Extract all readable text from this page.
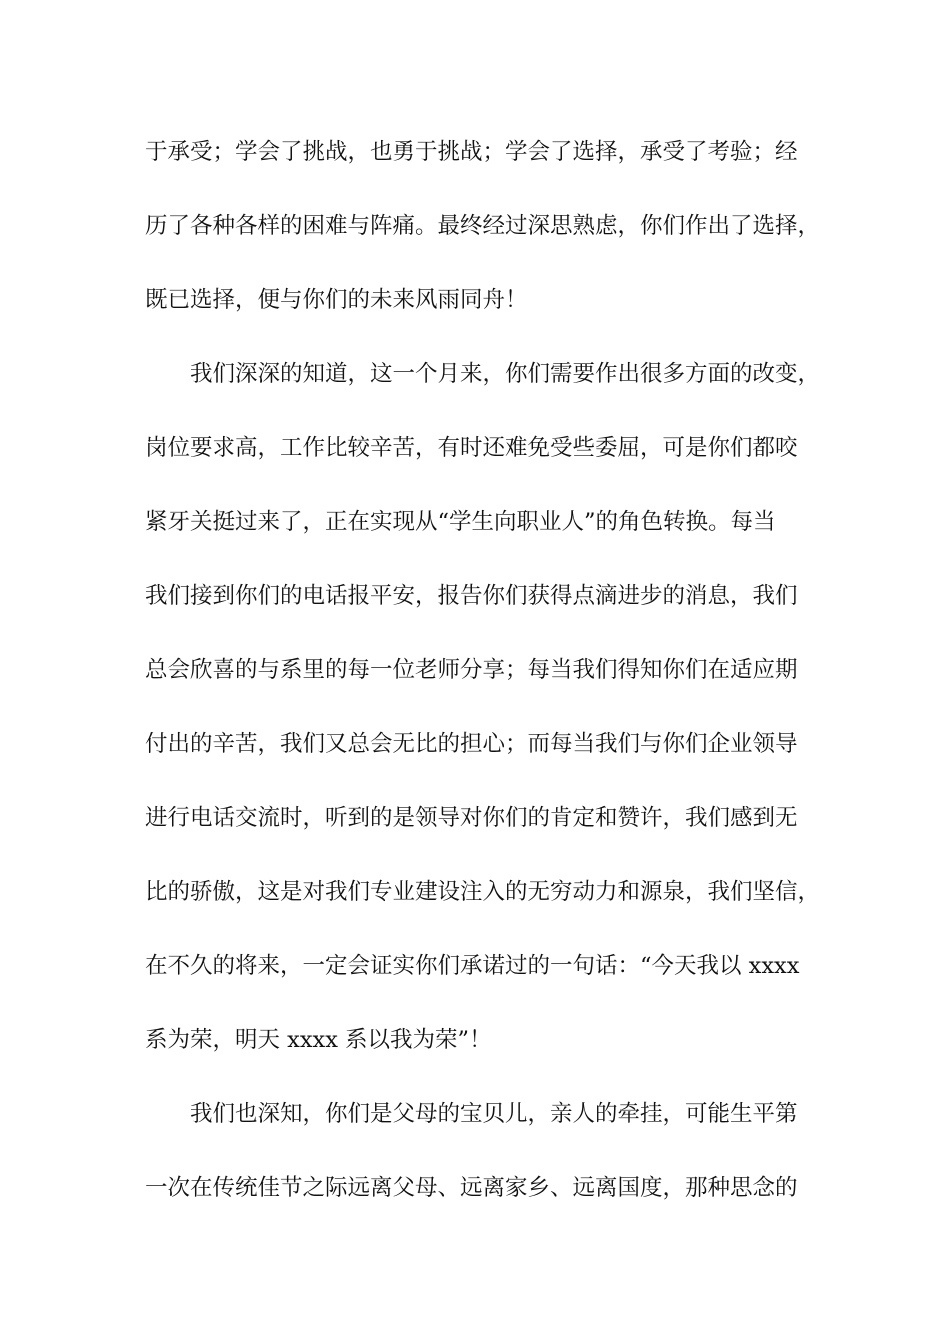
于承受；学会了挑战，也勇于挑战；学会了选择，承受了考验；经
历了各种各样的困难与阵痛。最终经过深思熟虑，你们作出了选择，
既已选择，便与你们的未来风雨同舟！
　　我们深深的知道，这一个月来，你们需要作出很多方面的改变，
岗位要求高，工作比较辛苦，有时还难免受些委屈，可是你们都咬
紧牙关挺过来了，正在实现从“学生向职业人”的角色转换。每当
我们接到你们的电话报平安，报告你们获得点滴进步的消息，我们
总会欣喜的与系里的每一位老师分享；每当我们得知你们在适应期
付出的辛苦，我们又总会无比的担心；而每当我们与你们企业领导
进行电话交流时，听到的是领导对你们的肯定和赞许，我们感到无
比的骄傲，这是对我们专业建设注入的无穷动力和源泉，我们坚信，
在不久的将来，一定会证实你们承诺过的一句话：“今天我以 xxxx
系为荣，明天 xxxx 系以我为荣”！
　　我们也深知，你们是父母的宝贝儿，亲人的牵挂，可能生平第
一次在传统佳节之际远离父母、远离家乡、远离国度，那种思念的
